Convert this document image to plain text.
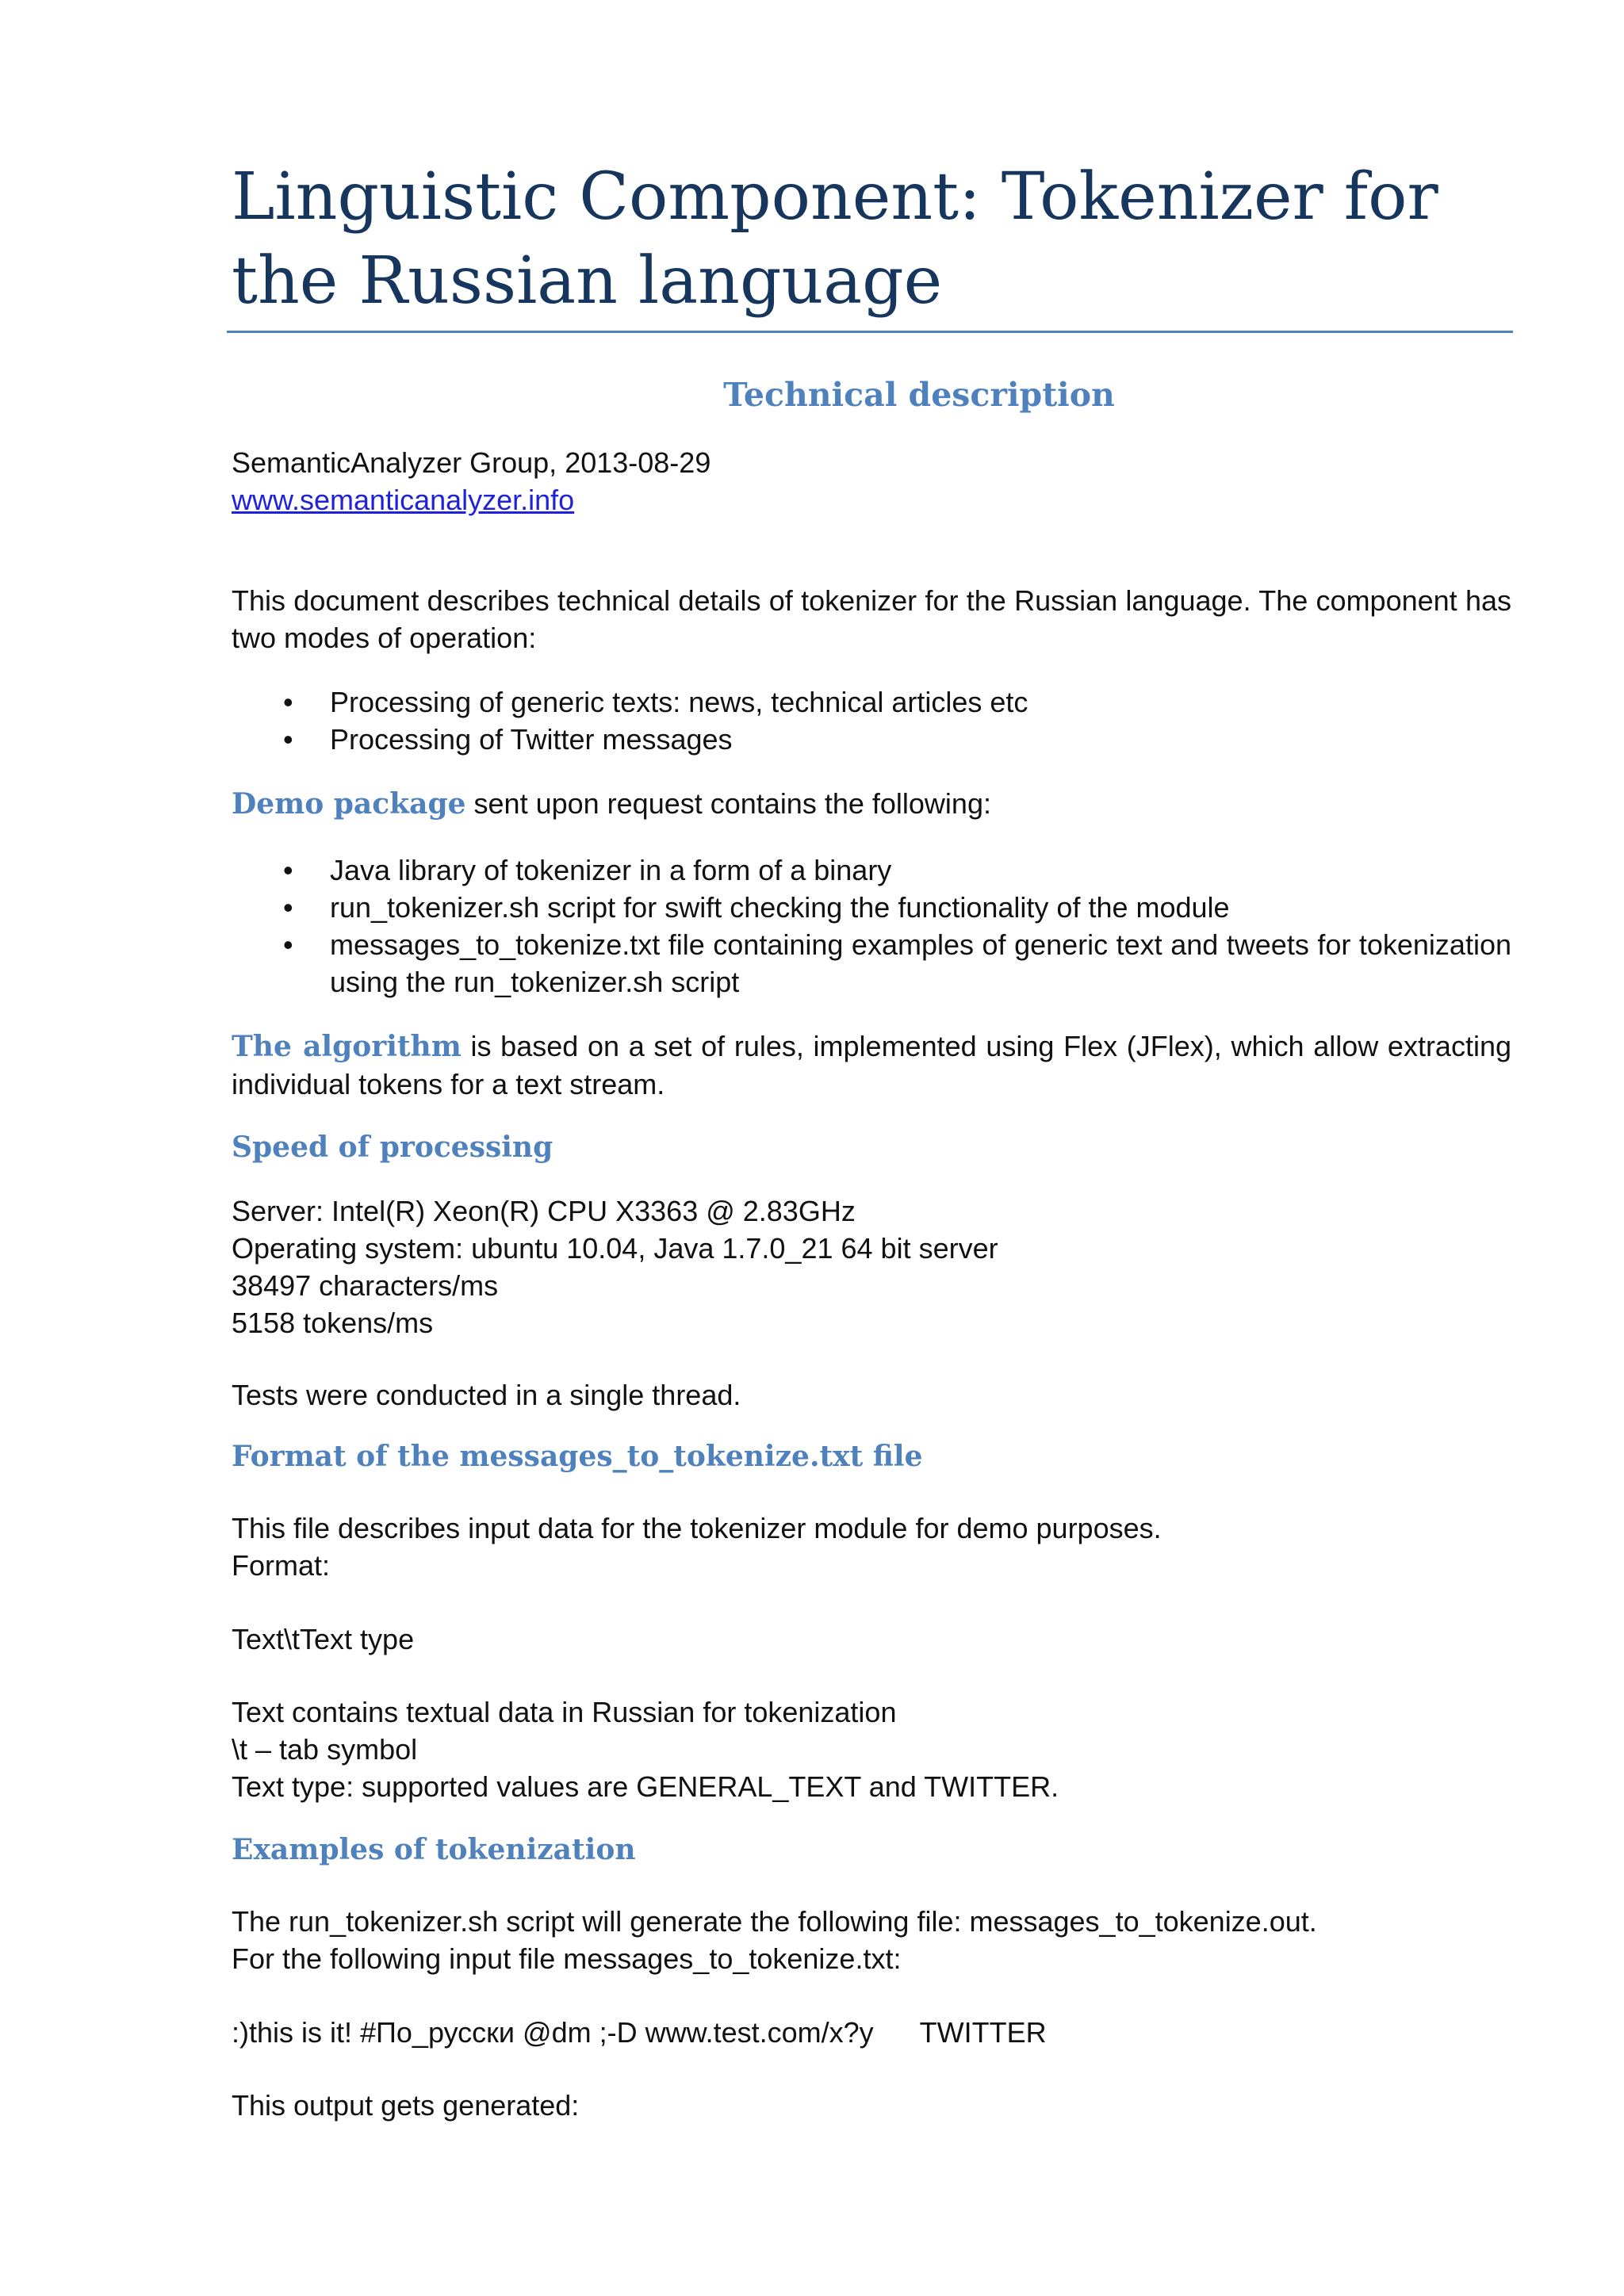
Linguistic Component: Tokenizer for the Russian language
Technical description

SemanticAnalyzer Group, 2013-08-29
www.semanticanalyzer.info

This document describes technical details of tokenizer for the Russian language. The component has two modes of operation:

• Processing of generic texts: news, technical articles etc
• Processing of Twitter messages

Demo package sent upon request contains the following:

• Java library of tokenizer in a form of a binary
• run_tokenizer.sh script for swift checking the functionality of the module
• messages_to_tokenize.txt file containing examples of generic text and tweets for tokenization using the run_tokenizer.sh script

The algorithm is based on a set of rules, implemented using Flex (JFlex), which allow extracting individual tokens for a text stream.

Speed of processing

Server: Intel(R) Xeon(R) CPU X3363 @ 2.83GHz
Operating system: ubuntu 10.04, Java 1.7.0_21 64 bit server
38497 characters/ms
5158 tokens/ms

Tests were conducted in a single thread.

Format of the messages_to_tokenize.txt file

This file describes input data for the tokenizer module for demo purposes.
Format:

Text\tText type

Text contains textual data in Russian for tokenization
\t – tab symbol
Text type: supported values are GENERAL_TEXT and TWITTER.

Examples of tokenization

The run_tokenizer.sh script will generate the following file: messages_to_tokenize.out.
For the following input file messages_to_tokenize.txt:

:)this is it! #По_русски @dm ;-D www.test.com/x?y TWITTER

This output gets generated:
